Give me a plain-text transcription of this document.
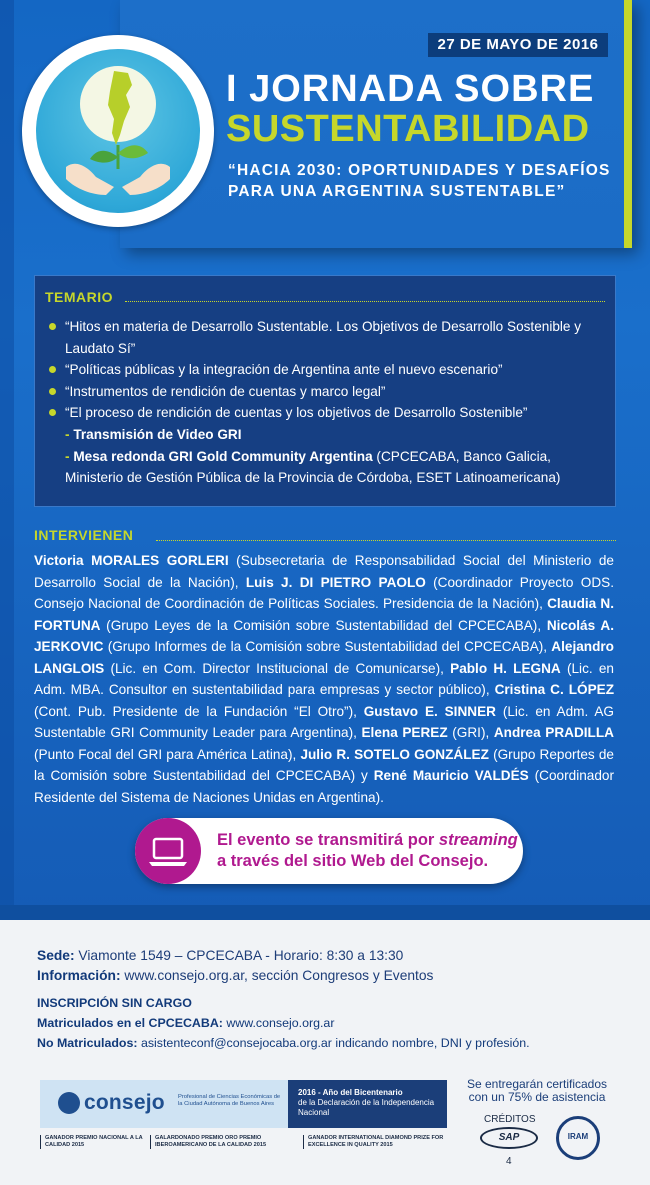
27 DE MAYO DE 2016
I JORNADA SOBRE
SUSTENTABILIDAD
“HACIA 2030: OPORTUNIDADES Y DESAFÍOS
PARA UNA ARGENTINA SUSTENTABLE”
TEMARIO
“Hitos en materia de Desarrollo Sustentable. Los Objetivos de Desarrollo Sostenible y Laudato Sí”
“Políticas públicas y la integración de Argentina ante el nuevo escenario”
“Instrumentos de rendición de cuentas y marco legal”
“El proceso de rendición de cuentas y los objetivos de Desarrollo Sostenible”
- Transmisión de Video GRI
- Mesa redonda GRI Gold Community Argentina (CPCECABA, Banco Galicia,
Ministerio de Gestión Pública de la Provincia de Córdoba, ESET Latinoamericana)
INTERVIENEN
Victoria MORALES GORLERI (Subsecretaria de Responsabilidad Social del Ministerio de Desarrollo Social de la Nación), Luis J. DI PIETRO PAOLO (Coordinador Proyecto ODS. Consejo Nacional de Coordinación de Políticas Sociales. Presidencia de la Nación), Claudia N. FORTUNA (Grupo Leyes de la Comisión sobre Sustentabilidad del CPCECABA), Nicolás A. JERKOVIC (Grupo Informes de la Comisión sobre Sustentabilidad del CPCECABA), Alejandro LANGLOIS (Lic. en Com. Director Institucional de Comunicarse), Pablo H. LEGNA (Lic. en Adm. MBA. Consultor en sustentabilidad para empresas y sector público), Cristina C. LÓPEZ (Cont. Pub. Presidente de la Fundación “El Otro”), Gustavo E. SINNER (Lic. en Adm. AG Sustentable GRI Community Leader para Argentina), Elena PEREZ (GRI), Andrea PRADILLA (Punto Focal del GRI para América Latina), Julio R. SOTELO GONZÁLEZ (Grupo Reportes de la Comisión sobre Sustentabilidad del CPCECABA) y René Mauricio VALDÉS (Coordinador Residente del Sistema de Naciones Unidas en Argentina).
El evento se transmitirá por streaming
a través del sitio Web del Consejo.
Sede: Viamonte 1549 – CPCECABA - Horario: 8:30 a 13:30
Información: www.consejo.org.ar, sección Congresos y Eventos
INSCRIPCIÓN SIN CARGO
Matriculados en el CPCECABA: www.consejo.org.ar
No Matriculados: asistenteconf@consejocaba.org.ar indicando nombre, DNI y profesión.
consejo Profesional de Ciencias Económicas de la Ciudad Autónoma de Buenos Aires
2016 - Año del Bicentenario
de la Declaración de la Independencia Nacional
GANADOR PREMIO NACIONAL A LA CALIDAD 2015
GALARDONADO PREMIO ORO PREMIO IBEROAMERICANO DE LA CALIDAD 2015
GANADOR INTERNATIONAL DIAMOND PRIZE FOR EXCELLENCE IN QUALITY 2015
Se entregarán certificados
con un 75% de asistencia
CRÉDITOS
SAP
4
IRAM
